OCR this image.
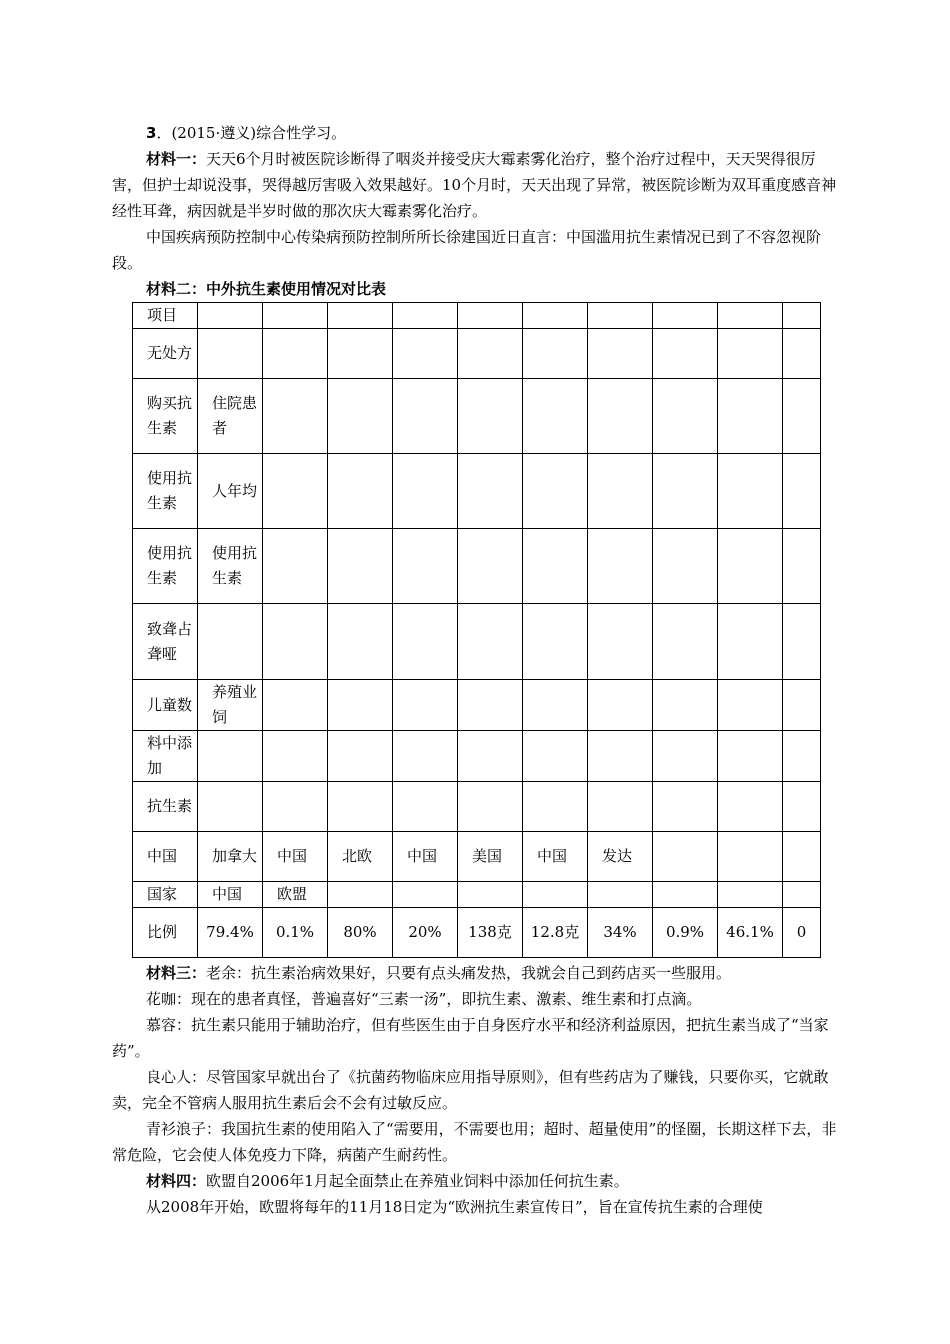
3．(2015·遵义)综合性学习。

材料一：天天6个月时被医院诊断得了咽炎并接受庆大霉素雾化治疗，整个治疗过程中，天天哭得很厉害，但护士却说没事，哭得越厉害吸入效果越好。10个月时，天天出现了异常，被医院诊断为双耳重度感音神经性耳聋，病因就是半岁时做的那次庆大霉素雾化治疗。

中国疾病预防控制中心传染病预防控制所所长徐建国近日直言：中国滥用抗生素情况已到了不容忽视阶段。

材料二：中外抗生素使用情况对比表
项目										
无处方										
购买抗生素	住院患者									
使用抗生素	人年均									
使用抗生素	使用抗生素									
致聋占聋哑										
儿童数	养殖业饲									
料中添加										
抗生素										
中国	加拿大	中国	北欧	中国	美国	中国	发达			
国家	中国	欧盟								
比例	79.4%	0.1%	80%	20%	138克	12.8克	34%	0.9%	46.1%	0

材料三：老余：抗生素治病效果好，只要有点头痛发热，我就会自己到药店买一些服用。

花咖：现在的患者真怪，普遍喜好“三素一汤”，即抗生素、激素、维生素和打点滴。

慕容：抗生素只能用于辅助治疗，但有些医生由于自身医疗水平和经济利益原因，把抗生素当成了“当家药”。

良心人：尽管国家早就出台了《抗菌药物临床应用指导原则》，但有些药店为了赚钱，只要你买，它就敢卖，完全不管病人服用抗生素后会不会有过敏反应。

青衫浪子：我国抗生素的使用陷入了“需要用，不需要也用；超时、超量使用”的怪圈，长期这样下去，非常危险，它会使人体免疫力下降，病菌产生耐药性。

材料四：欧盟自2006年1月起全面禁止在养殖业饲料中添加任何抗生素。

从2008年开始，欧盟将每年的11月18日定为“欧洲抗生素宣传日”，旨在宣传抗生素的合理使
